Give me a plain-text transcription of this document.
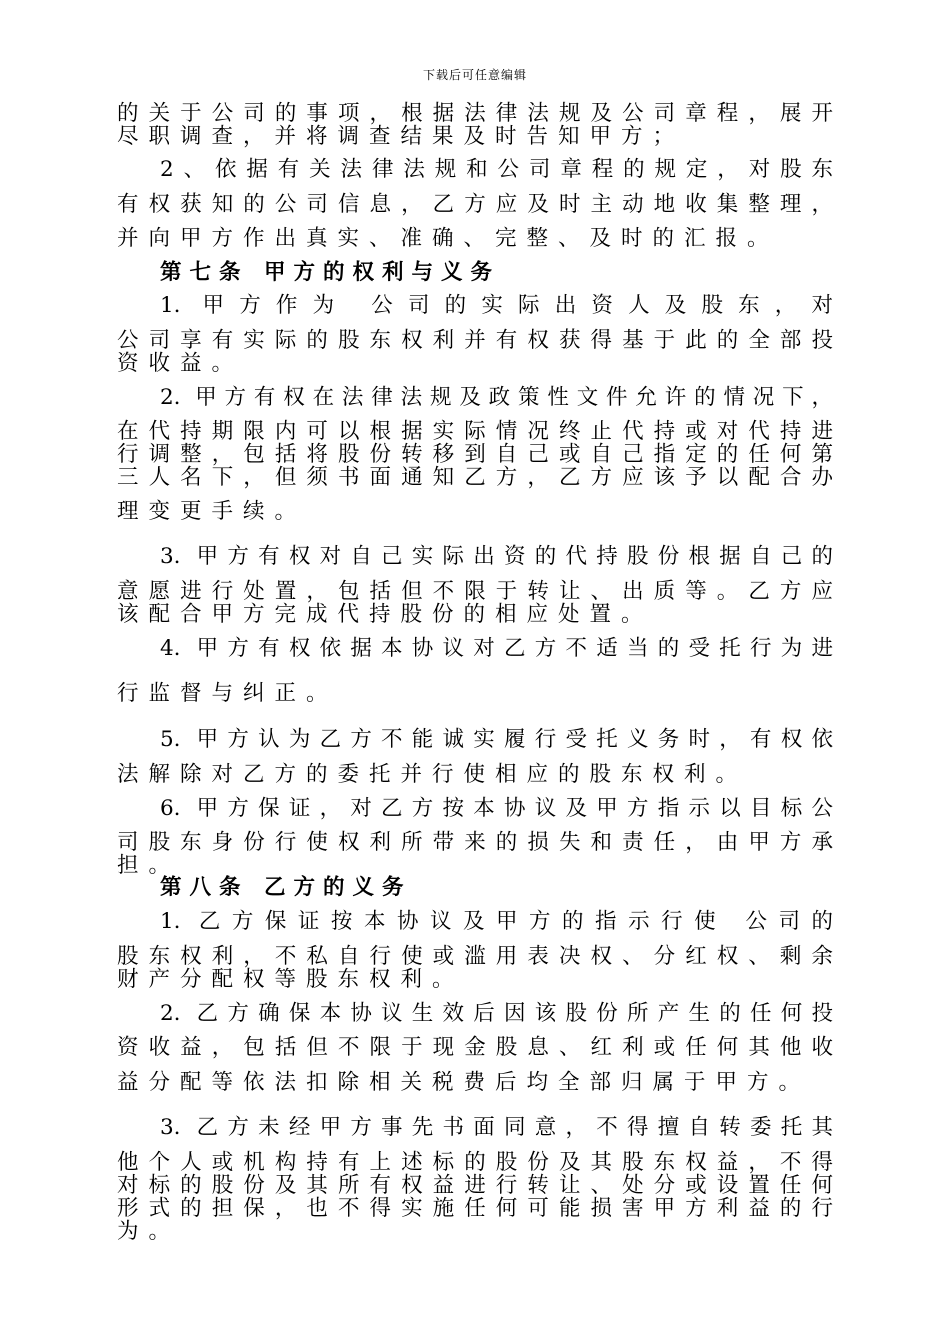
下载后可任意编辑
的关于公司的事项，根据法律法规及公司章程，展开
尽职调查，并将调查结果及时告知甲方；
2、依据有关法律法规和公司章程的规定，对股东
有权获知的公司信息，乙方应及时主动地收集整理，
并向甲方作出真实、准确、完整、及时的汇报。
第七条 甲方的权利与义务
1. 甲方作为 公司的实际出资人及股东，对
公司享有实际的股东权利并有权获得基于此的全部投
资收益。
2. 甲方有权在法律法规及政策性文件允许的情况下，
在代持期限内可以根据实际情况终止代持或对代持进
行调整，包括将股份转移到自己或自己指定的任何第
三人名下，但须书面通知乙方，乙方应该予以配合办
理变更手续。
3. 甲方有权对自己实际出资的代持股份根据自己的
意愿进行处置，包括但不限于转让、出质等。乙方应
该配合甲方完成代持股份的相应处置。
4. 甲方有权依据本协议对乙方不适当的受托行为进
行监督与纠正。
5. 甲方认为乙方不能诚实履行受托义务时，有权依
法解除对乙方的委托并行使相应的股东权利。
6. 甲方保证，对乙方按本协议及甲方指示以目标公
司股东身份行使权利所带来的损失和责任，由甲方承
担。
第八条 乙方的义务
1. 乙方保证按本协议及甲方的指示行使 公司的
股东权利，不私自行使或滥用表决权、分红权、剩余
财产分配权等股东权利。
2. 乙方确保本协议生效后因该股份所产生的任何投
资收益，包括但不限于现金股息、红利或任何其他收
益分配等依法扣除相关税费后均全部归属于甲方。
3. 乙方未经甲方事先书面同意，不得擅自转委托其
他个人或机构持有上述标的股份及其股东权益，不得
对标的股份及其所有权益进行转让、处分或设置任何
形式的担保，也不得实施任何可能损害甲方利益的行
为。
